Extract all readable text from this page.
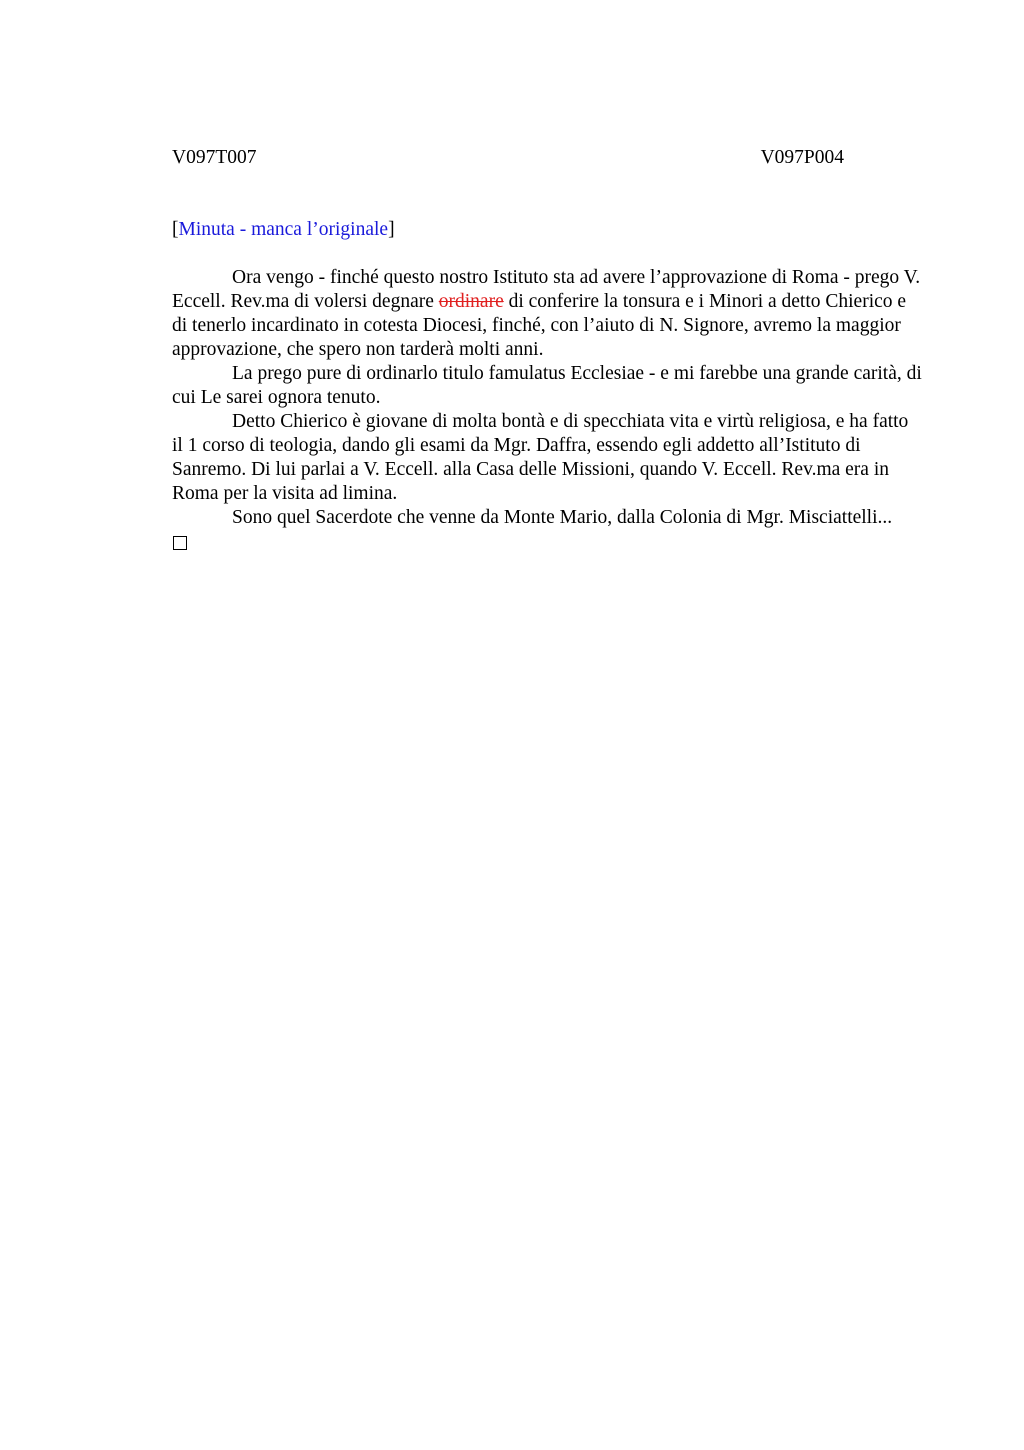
V097T007	V097P004
[Minuta - manca l’originale]

Ora vengo - finché questo nostro Istituto sta ad avere l’approvazione di Roma - prego V. Eccell. Rev.ma di volersi degnare ordinare di conferire la tonsura e i Minori a detto Chierico e di tenerlo incardinato in cotesta Diocesi, finché, con l’aiuto di N. Signore, avremo la maggior approvazione, che spero non tarderà molti anni.

La prego pure di ordinarlo titulo famulatus Ecclesiae - e mi farebbe una grande carità, di cui Le sarei ognora tenuto.

Detto Chierico è giovane di molta bontà e di specchiata vita e virtù religiosa, e ha fatto il 1 corso di teologia, dando gli esami da Mgr. Daffra, essendo egli addetto all’Istituto di Sanremo. Di lui parlai a V. Eccell. alla Casa delle Missioni, quando V. Eccell. Rev.ma era in Roma per la visita ad limina.

Sono quel Sacerdote che venne da Monte Mario, dalla Colonia di Mgr. Misciattelli...
